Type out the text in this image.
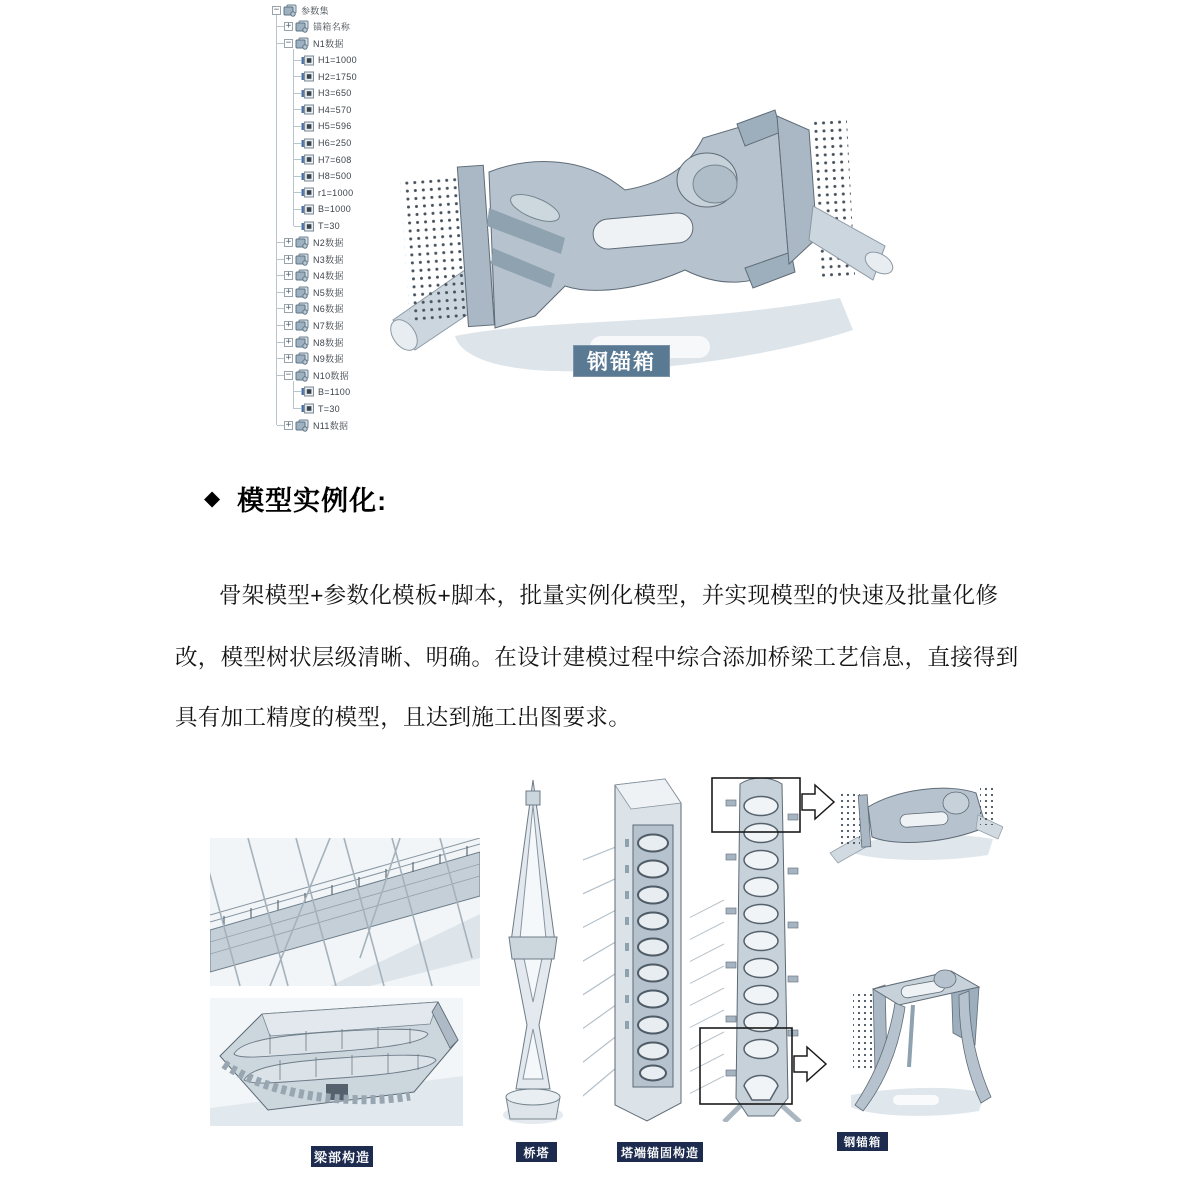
− 参数集
+ 锚箱名称
− N1数据
H1=1000
H2=1750
H3=650
H4=570
H5=596
H6=250
H7=608
H8=500
r1=1000
B=1000
T=30
+ N2数据
+ N3数据
+ N4数据
+ N5数据
+ N6数据
+ N7数据
+ N8数据
+ N9数据
− N10数据
B=1100
T=30
+ N11数据
钢锚箱
◆ 模型实例化:
骨架模型+参数化模板+脚本，批量实例化模型，并实现模型的快速及批量化修
改，模型树状层级清晰、明确。在设计建模过程中综合添加桥梁工艺信息，直接得到
具有加工精度的模型，且达到施工出图要求。
梁部构造	桥塔	塔端锚固构造
钢锚箱
